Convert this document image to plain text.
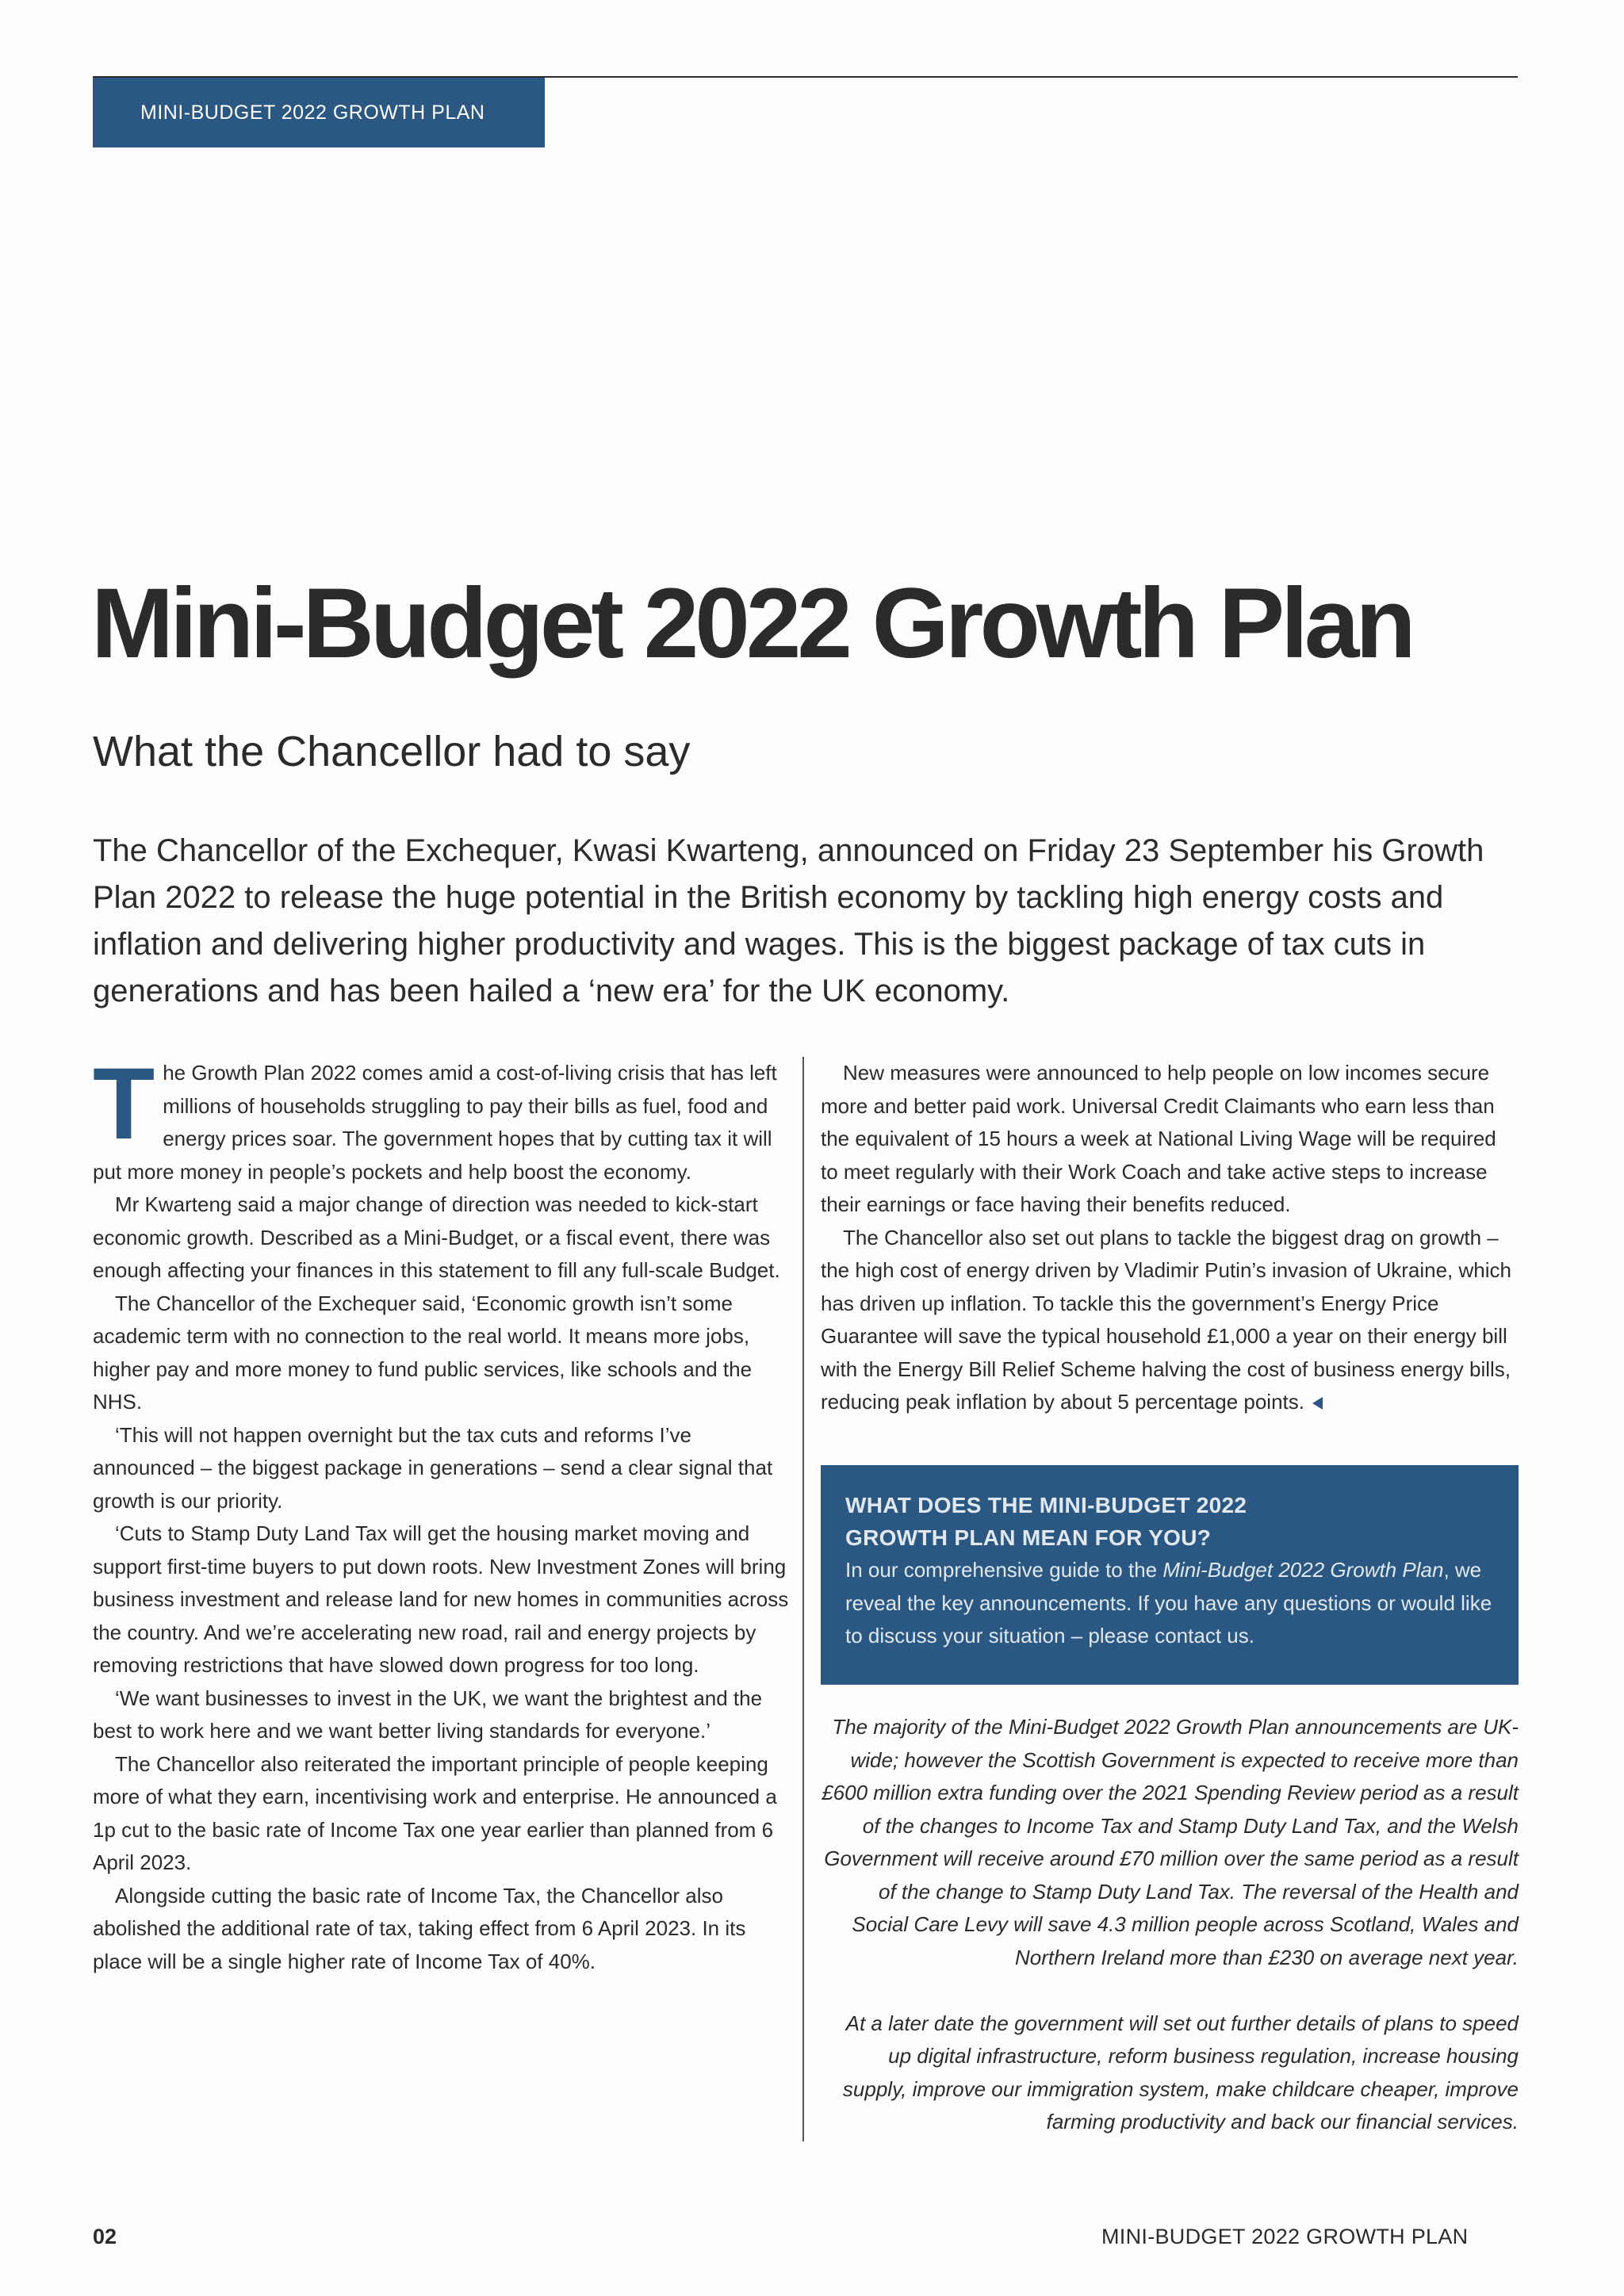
MINI-BUDGET 2022 GROWTH PLAN
Mini-Budget 2022 Growth Plan
What the Chancellor had to say

The Chancellor of the Exchequer, Kwasi Kwarteng, announced on Friday 23 September his Growth Plan 2022 to release the huge potential in the British economy by tackling high energy costs and inflation and delivering higher productivity and wages. This is the biggest package of tax cuts in generations and has been hailed a ‘new era’ for the UK economy.

The Growth Plan 2022 comes amid a cost-of-living crisis that has left millions of households struggling to pay their bills as fuel, food and energy prices soar. The government hopes that by cutting tax it will put more money in people’s pockets and help boost the economy.

Mr Kwarteng said a major change of direction was needed to kick-start economic growth. Described as a Mini-Budget, or a fiscal event, there was enough affecting your finances in this statement to fill any full-scale Budget.

The Chancellor of the Exchequer said, ‘Economic growth isn’t some academic term with no connection to the real world. It means more jobs, higher pay and more money to fund public services, like schools and the NHS.

‘This will not happen overnight but the tax cuts and reforms I’ve announced – the biggest package in generations – send a clear signal that growth is our priority.

‘Cuts to Stamp Duty Land Tax will get the housing market moving and support first-time buyers to put down roots. New Investment Zones will bring business investment and release land for new homes in communities across the country. And we’re accelerating new road, rail and energy projects by removing restrictions that have slowed down progress for too long.

‘We want businesses to invest in the UK, we want the brightest and the best to work here and we want better living standards for everyone.’

The Chancellor also reiterated the important principle of people keeping more of what they earn, incentivising work and enterprise. He announced a 1p cut to the basic rate of Income Tax one year earlier than planned from 6 April 2023.

Alongside cutting the basic rate of Income Tax, the Chancellor also abolished the additional rate of tax, taking effect from 6 April 2023. In its place will be a single higher rate of Income Tax of 40%.

New measures were announced to help people on low incomes secure more and better paid work. Universal Credit Claimants who earn less than the equivalent of 15 hours a week at National Living Wage will be required to meet regularly with their Work Coach and take active steps to increase their earnings or face having their benefits reduced.

The Chancellor also set out plans to tackle the biggest drag on growth – the high cost of energy driven by Vladimir Putin’s invasion of Ukraine, which has driven up inflation. To tackle this the government’s Energy Price Guarantee will save the typical household £1,000 a year on their energy bill with the Energy Bill Relief Scheme halving the cost of business energy bills, reducing peak inflation by about 5 percentage points.

WHAT DOES THE MINI-BUDGET 2022
GROWTH PLAN MEAN FOR YOU?

In our comprehensive guide to the Mini-Budget 2022 Growth Plan, we reveal the key announcements. If you have any questions or would like to discuss your situation – please contact us.

The majority of the Mini-Budget 2022 Growth Plan announcements are UK-wide; however the Scottish Government is expected to receive more than £600 million extra funding over the 2021 Spending Review period as a result of the changes to Income Tax and Stamp Duty Land Tax, and the Welsh Government will receive around £70 million over the same period as a result of the change to Stamp Duty Land Tax. The reversal of the Health and Social Care Levy will save 4.3 million people across Scotland, Wales and Northern Ireland more than £230 on average next year.

At a later date the government will set out further details of plans to speed up digital infrastructure, reform business regulation, increase housing supply, improve our immigration system, make childcare cheaper, improve farming productivity and back our financial services.

02	MINI-BUDGET 2022 GROWTH PLAN
